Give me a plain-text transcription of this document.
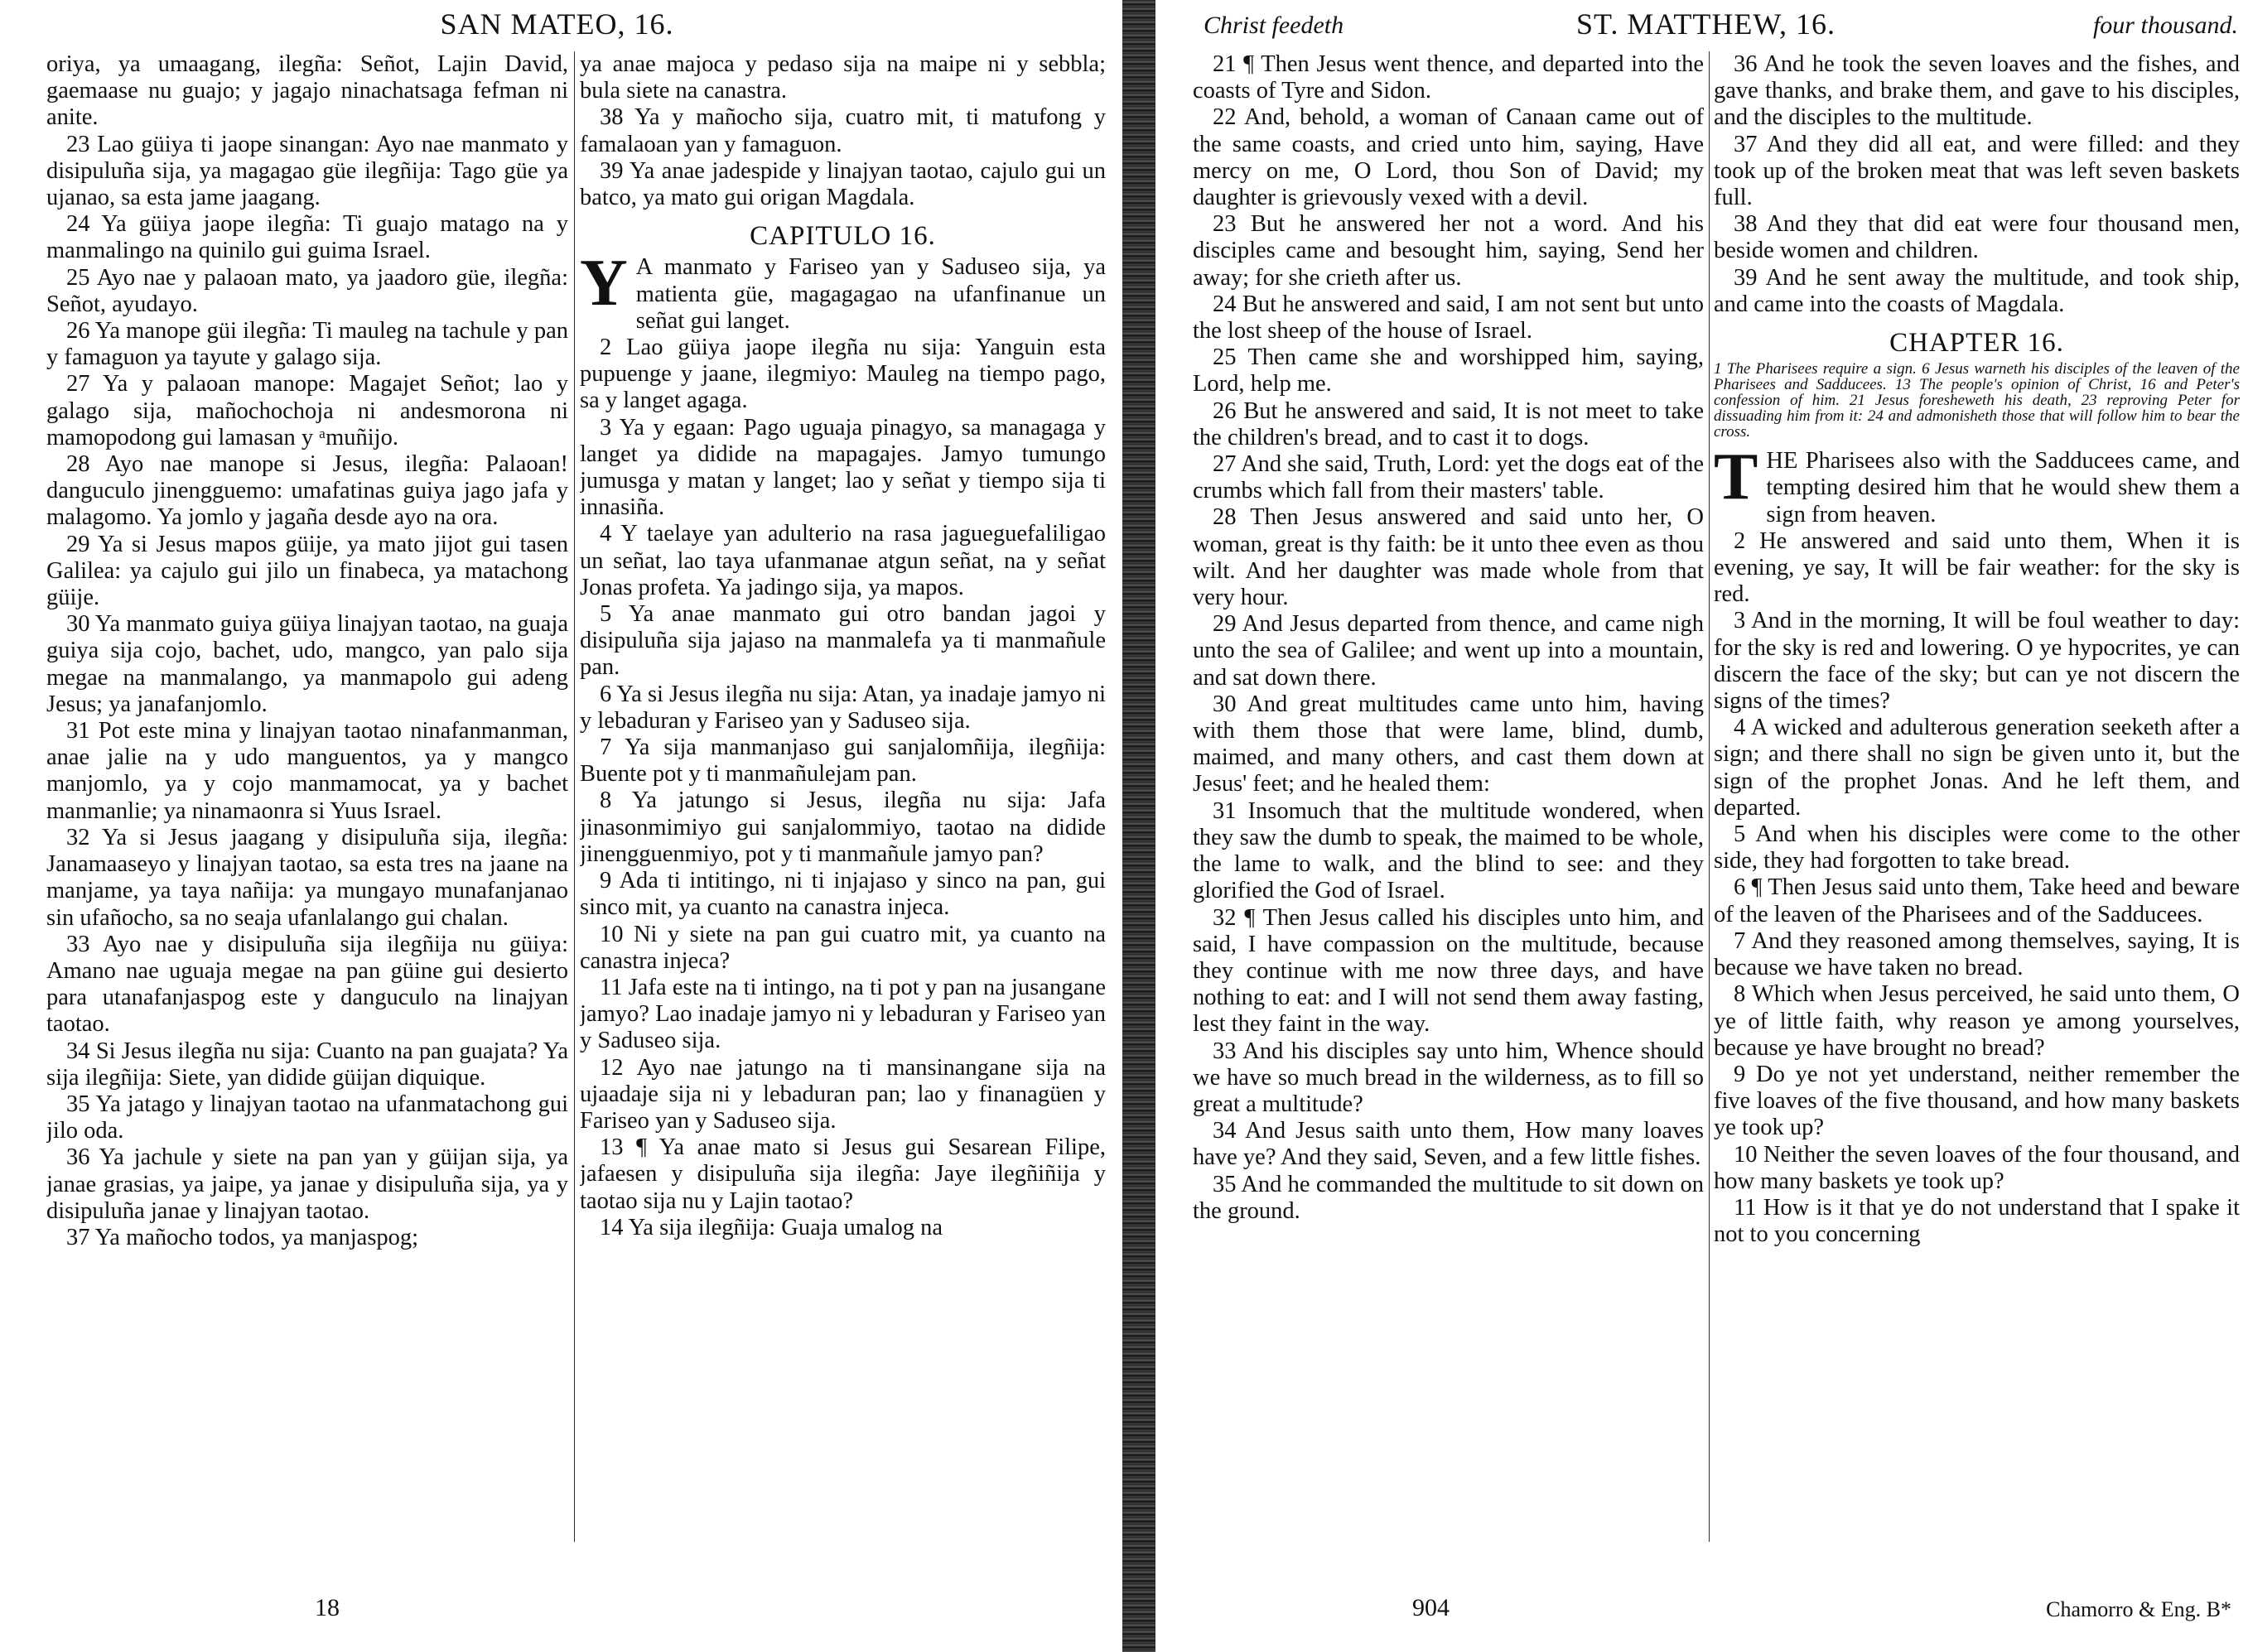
SAN MATEO, 16.

oriya, ya umaagang, ilegña: Señot, Lajin David, gaemaase nu guajo; y jagajo ninachatsaga fefman ni anite.

23 Lao güiya ti jaope sinangan: Ayo nae manmato y disipuluña sija, ya magagao güe ilegñija: Tago güe ya ujanao, sa esta jame jaagang.

24 Ya güiya jaope ilegña: Ti guajo matago na y manmalingo na quinilo gui guima Israel.

25 Ayo nae y palaoan mato, ya jaadoro güe, ilegña: Señot, ayudayo.

26 Ya manope güi ilegña: Ti mauleg na tachule y pan y famaguon ya tayute y galago sija.

27 Ya y palaoan manope: Magajet Señot; lao y galago sija, mañochochoja ni andesmorona ni mamopodong gui lamasan y ᵃmuñijo.

28 Ayo nae manope si Jesus, ilegña: Palaoan! danguculo jinengguemo: umafatinas guiya jago jafa y malagomo. Ya jomlo y jagaña desde ayo na ora.

29 Ya si Jesus mapos güije, ya mato jijot gui tasen Galilea: ya cajulo gui jilo un finabeca, ya matachong güije.

30 Ya manmato guiya güiya linajyan taotao, na guaja guiya sija cojo, bachet, udo, mangco, yan palo sija megae na manmalango, ya manmapolo gui adeng Jesus; ya janafanjomlo.

31 Pot este mina y linajyan taotao ninafanmanman, anae jalie na y udo manguentos, ya y mangco manjomlo, ya y cojo manmamocat, ya y bachet manmanlie; ya ninamaonra si Yuus Israel.

32 Ya si Jesus jaagang y disipuluña sija, ilegña: Janamaaseyo y linajyan taotao, sa esta tres na jaane na manjame, ya taya nañija: ya mungayo munafanjanao sin ufañocho, sa no seaja ufanlalango gui chalan.

33 Ayo nae y disipuluña sija ilegñija nu güiya: Amano nae uguaja megae na pan güine gui desierto para utanafanjaspog este y danguculo na linajyan taotao.

34 Si Jesus ilegña nu sija: Cuanto na pan guajata? Ya sija ilegñija: Siete, yan didide güijan diquique.

35 Ya jatago y linajyan taotao na ufanmatachong gui jilo oda.

36 Ya jachule y siete na pan yan y güijan sija, ya janae grasias, ya jaipe, ya janae y disipuluña sija, ya y disipuluña janae y linajyan taotao.

37 Ya mañocho todos, ya manjaspog;

ya anae majoca y pedaso sija na maipe ni y sebbla; bula siete na canastra.

38 Ya y mañocho sija, cuatro mit, ti matufong y famalaoan yan y famaguon.

39 Ya anae jadespide y linajyan taotao, cajulo gui un batco, ya mato gui origan Magdala.

CAPITULO 16.

Y A manmato y Fariseo yan y Saduseo sija, ya matienta güe, magagagao na ufanfinanue un señat gui langet.

2 Lao güiya jaope ilegña nu sija: Yanguin esta pupuenge y jaane, ilegmiyo: Mauleg na tiempo pago, sa y langet agaga.

3 Ya y egaan: Pago uguaja pinagyo, sa managaga y langet ya didide na mapagajes. Jamyo tumungo jumusga y matan y langet; lao y señat y tiempo sija ti innasiña.

4 Y taelaye yan adulterio na rasa jagueguefaliligao un señat, lao taya ufanmanae atgun señat, na y señat Jonas profeta. Ya jadingo sija, ya mapos.

5 Ya anae manmato gui otro bandan jagoi y disipuluña sija jajaso na manmalefa ya ti manmañule pan.

6 Ya si Jesus ilegña nu sija: Atan, ya inadaje jamyo ni y lebaduran y Fariseo yan y Saduseo sija.

7 Ya sija manmanjaso gui sanjalomñija, ilegñija: Buente pot y ti manmañulejam pan.

8 Ya jatungo si Jesus, ilegña nu sija: Jafa jinasonmimiyo gui sanjalommiyo, taotao na didide jinengguenmiyo, pot y ti manmañule jamyo pan?

9 Ada ti intitingo, ni ti injajaso y sinco na pan, gui sinco mit, ya cuanto na canastra injeca.

10 Ni y siete na pan gui cuatro mit, ya cuanto na canastra injeca?

11 Jafa este na ti intingo, na ti pot y pan na jusangane jamyo? Lao inadaje jamyo ni y lebaduran y Fariseo yan y Saduseo sija.

12 Ayo nae jatungo na ti mansinangane sija na ujaadaje sija ni y lebaduran pan; lao y finanagüen y Fariseo yan y Saduseo sija.

13 ¶ Ya anae mato si Jesus gui Sesarean Filipe, jafaesen y disipuluña sija ilegña: Jaye ilegñiñija y taotao sija nu y Lajin taotao?

14 Ya sija ilegñija: Guaja umalog na

18
Christ feedeth	ST. MATTHEW, 16.	four thousand.

21 ¶ Then Jesus went thence, and departed into the coasts of Tyre and Sidon.

22 And, behold, a woman of Canaan came out of the same coasts, and cried unto him, saying, Have mercy on me, O Lord, thou Son of David; my daughter is grievously vexed with a devil.

23 But he answered her not a word. And his disciples came and besought him, saying, Send her away; for she crieth after us.

24 But he answered and said, I am not sent but unto the lost sheep of the house of Israel.

25 Then came she and worshipped him, saying, Lord, help me.

26 But he answered and said, It is not meet to take the children's bread, and to cast it to dogs.

27 And she said, Truth, Lord: yet the dogs eat of the crumbs which fall from their masters' table.

28 Then Jesus answered and said unto her, O woman, great is thy faith: be it unto thee even as thou wilt. And her daughter was made whole from that very hour.

29 And Jesus departed from thence, and came nigh unto the sea of Galilee; and went up into a mountain, and sat down there.

30 And great multitudes came unto him, having with them those that were lame, blind, dumb, maimed, and many others, and cast them down at Jesus' feet; and he healed them:

31 Insomuch that the multitude wondered, when they saw the dumb to speak, the maimed to be whole, the lame to walk, and the blind to see: and they glorified the God of Israel.

32 ¶ Then Jesus called his disciples unto him, and said, I have compassion on the multitude, because they continue with me now three days, and have nothing to eat: and I will not send them away fasting, lest they faint in the way.

33 And his disciples say unto him, Whence should we have so much bread in the wilderness, as to fill so great a multitude?

34 And Jesus saith unto them, How many loaves have ye? And they said, Seven, and a few little fishes.

35 And he commanded the multitude to sit down on the ground.

36 And he took the seven loaves and the fishes, and gave thanks, and brake them, and gave to his disciples, and the disciples to the multitude.

37 And they did all eat, and were filled: and they took up of the broken meat that was left seven baskets full.

38 And they that did eat were four thousand men, beside women and children.

39 And he sent away the multitude, and took ship, and came into the coasts of Magdala.

CHAPTER 16.
1 The Pharisees require a sign. 6 Jesus warneth his disciples of the leaven of the Pharisees and Sadducees. 13 The people's opinion of Christ, 16 and Peter's confession of him. 21 Jesus foresheweth his death, 23 reproving Peter for dissuading him from it: 24 and admonisheth those that will follow him to bear the cross.

THE Pharisees also with the Sadducees came, and tempting desired him that he would shew them a sign from heaven.

2 He answered and said unto them, When it is evening, ye say, It will be fair weather: for the sky is red.

3 And in the morning, It will be foul weather to day: for the sky is red and lowering. O ye hypocrites, ye can discern the face of the sky; but can ye not discern the signs of the times?

4 A wicked and adulterous generation seeketh after a sign; and there shall no sign be given unto it, but the sign of the prophet Jonas. And he left them, and departed.

5 And when his disciples were come to the other side, they had forgotten to take bread.

6 ¶ Then Jesus said unto them, Take heed and beware of the leaven of the Pharisees and of the Sadducees.

7 And they reasoned among themselves, saying, It is because we have taken no bread.

8 Which when Jesus perceived, he said unto them, O ye of little faith, why reason ye among yourselves, because ye have brought no bread?

9 Do ye not yet understand, neither remember the five loaves of the five thousand, and how many baskets ye took up?

10 Neither the seven loaves of the four thousand, and how many baskets ye took up?

11 How is it that ye do not understand that I spake it not to you concerning

904	Chamorro & Eng. B*
